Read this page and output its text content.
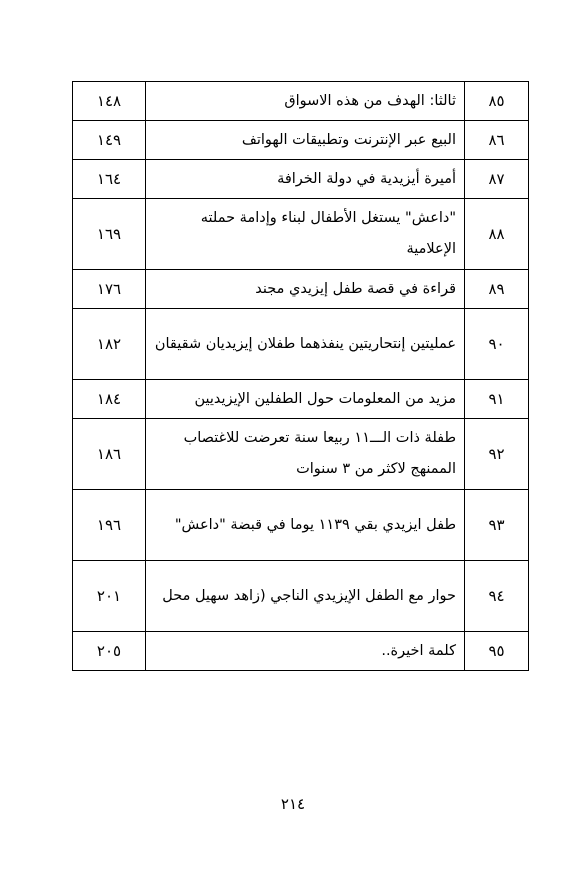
٨٥	ثالثا: الهدف من هذه الاسواق	١٤٨
٨٦	البيع عبر الإنترنت وتطبيقات الهواتف	١٤٩
٨٧	أميرة أيزيدية في دولة الخرافة	١٦٤
٨٨	"داعش" يستغل الأطفال لبناء وإدامة حملته الإعلامية	١٦٩
٨٩	قراءة في قصة طفل إيزيدي مجند	١٧٦
٩٠	عمليتين إنتحاريتين ينفذهما طفلان إيزيديان شقيقان	١٨٢
٩١	مزيد من المعلومات حول الطفلين الإيزيديين	١٨٤
٩٢	طفلة ذات الـــ١١ ربيعا سنة تعرضت للاغتصاب الممنهج لاكثر من ٣ سنوات	١٨٦
٩٣	طفل ايزيدي بقي ١١٣٩ يوما في قبضة "داعش"	١٩٦
٩٤	حوار مع الطفل الإيزيدي الناجي (زاهد سهيل محل	٢٠١
٩٥	كلمة اخيرة..	٢٠٥
٢١٤
